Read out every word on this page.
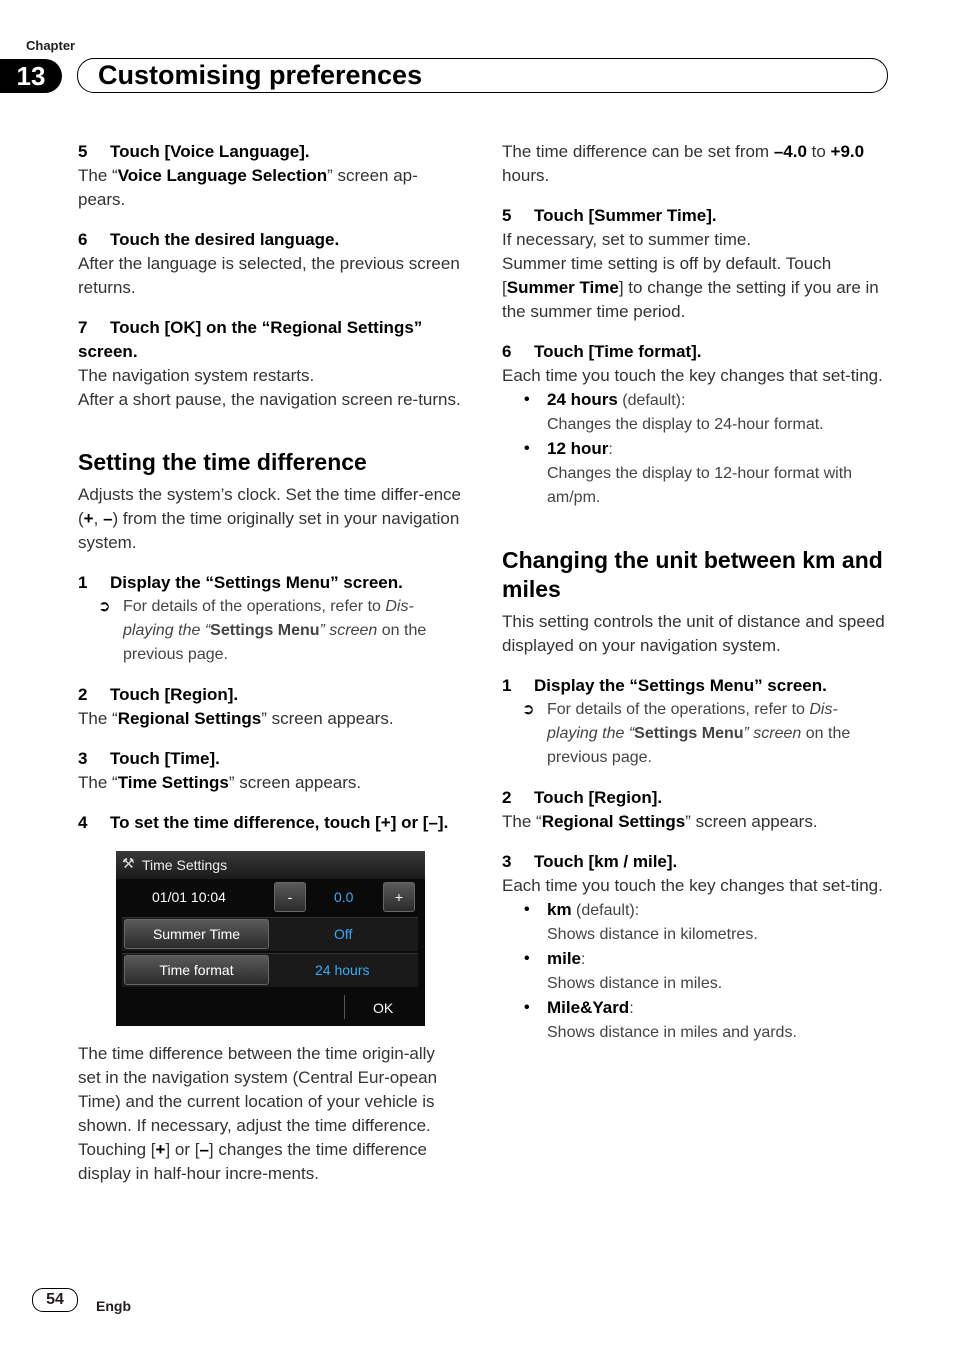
Chapter
13	Customising preferences
5 Touch [Voice Language].
The “Voice Language Selection” screen ap-pears.
6 Touch the desired language.
After the language is selected, the previous screen returns.
7 Touch [OK] on the “Regional Settings” screen.
The navigation system restarts.
After a short pause, the navigation screen re-turns.
Setting the time difference
Adjusts the system’s clock. Set the time differ-ence (+, –) from the time originally set in your navigation system.
1 Display the “Settings Menu” screen.
➲ For details of the operations, refer to Dis-playing the “Settings Menu” screen on the previous page.
2 Touch [Region].
The “Regional Settings” screen appears.
3 Touch [Time].
The “Time Settings” screen appears.
4 To set the time difference, touch [+] or [–].
⚒ Time Settings
01/01 10:04	-	0.0	+
Summer Time	Off
Time format	24 hours
OK
The time difference between the time origin-ally set in the navigation system (Central Eur-opean Time) and the current location of your vehicle is shown. If necessary, adjust the time difference. Touching [+] or [–] changes the time difference display in half-hour incre-ments.
The time difference can be set from –4.0 to +9.0 hours.
5 Touch [Summer Time].
If necessary, set to summer time.
Summer time setting is off by default. Touch [Summer Time] to change the setting if you are in the summer time period.
6 Touch [Time format].
Each time you touch the key changes that set-ting.
• 24 hours (default):
Changes the display to 24-hour format.
• 12 hour:
Changes the display to 12-hour format with am/pm.
Changing the unit between km and miles
This setting controls the unit of distance and speed displayed on your navigation system.
1 Display the “Settings Menu” screen.
➲ For details of the operations, refer to Dis-playing the “Settings Menu” screen on the previous page.
2 Touch [Region].
The “Regional Settings” screen appears.
3 Touch [km / mile].
Each time you touch the key changes that set-ting.
• km (default):
Shows distance in kilometres.
• mile:
Shows distance in miles.
• Mile&Yard:
Shows distance in miles and yards.
54	Engb
